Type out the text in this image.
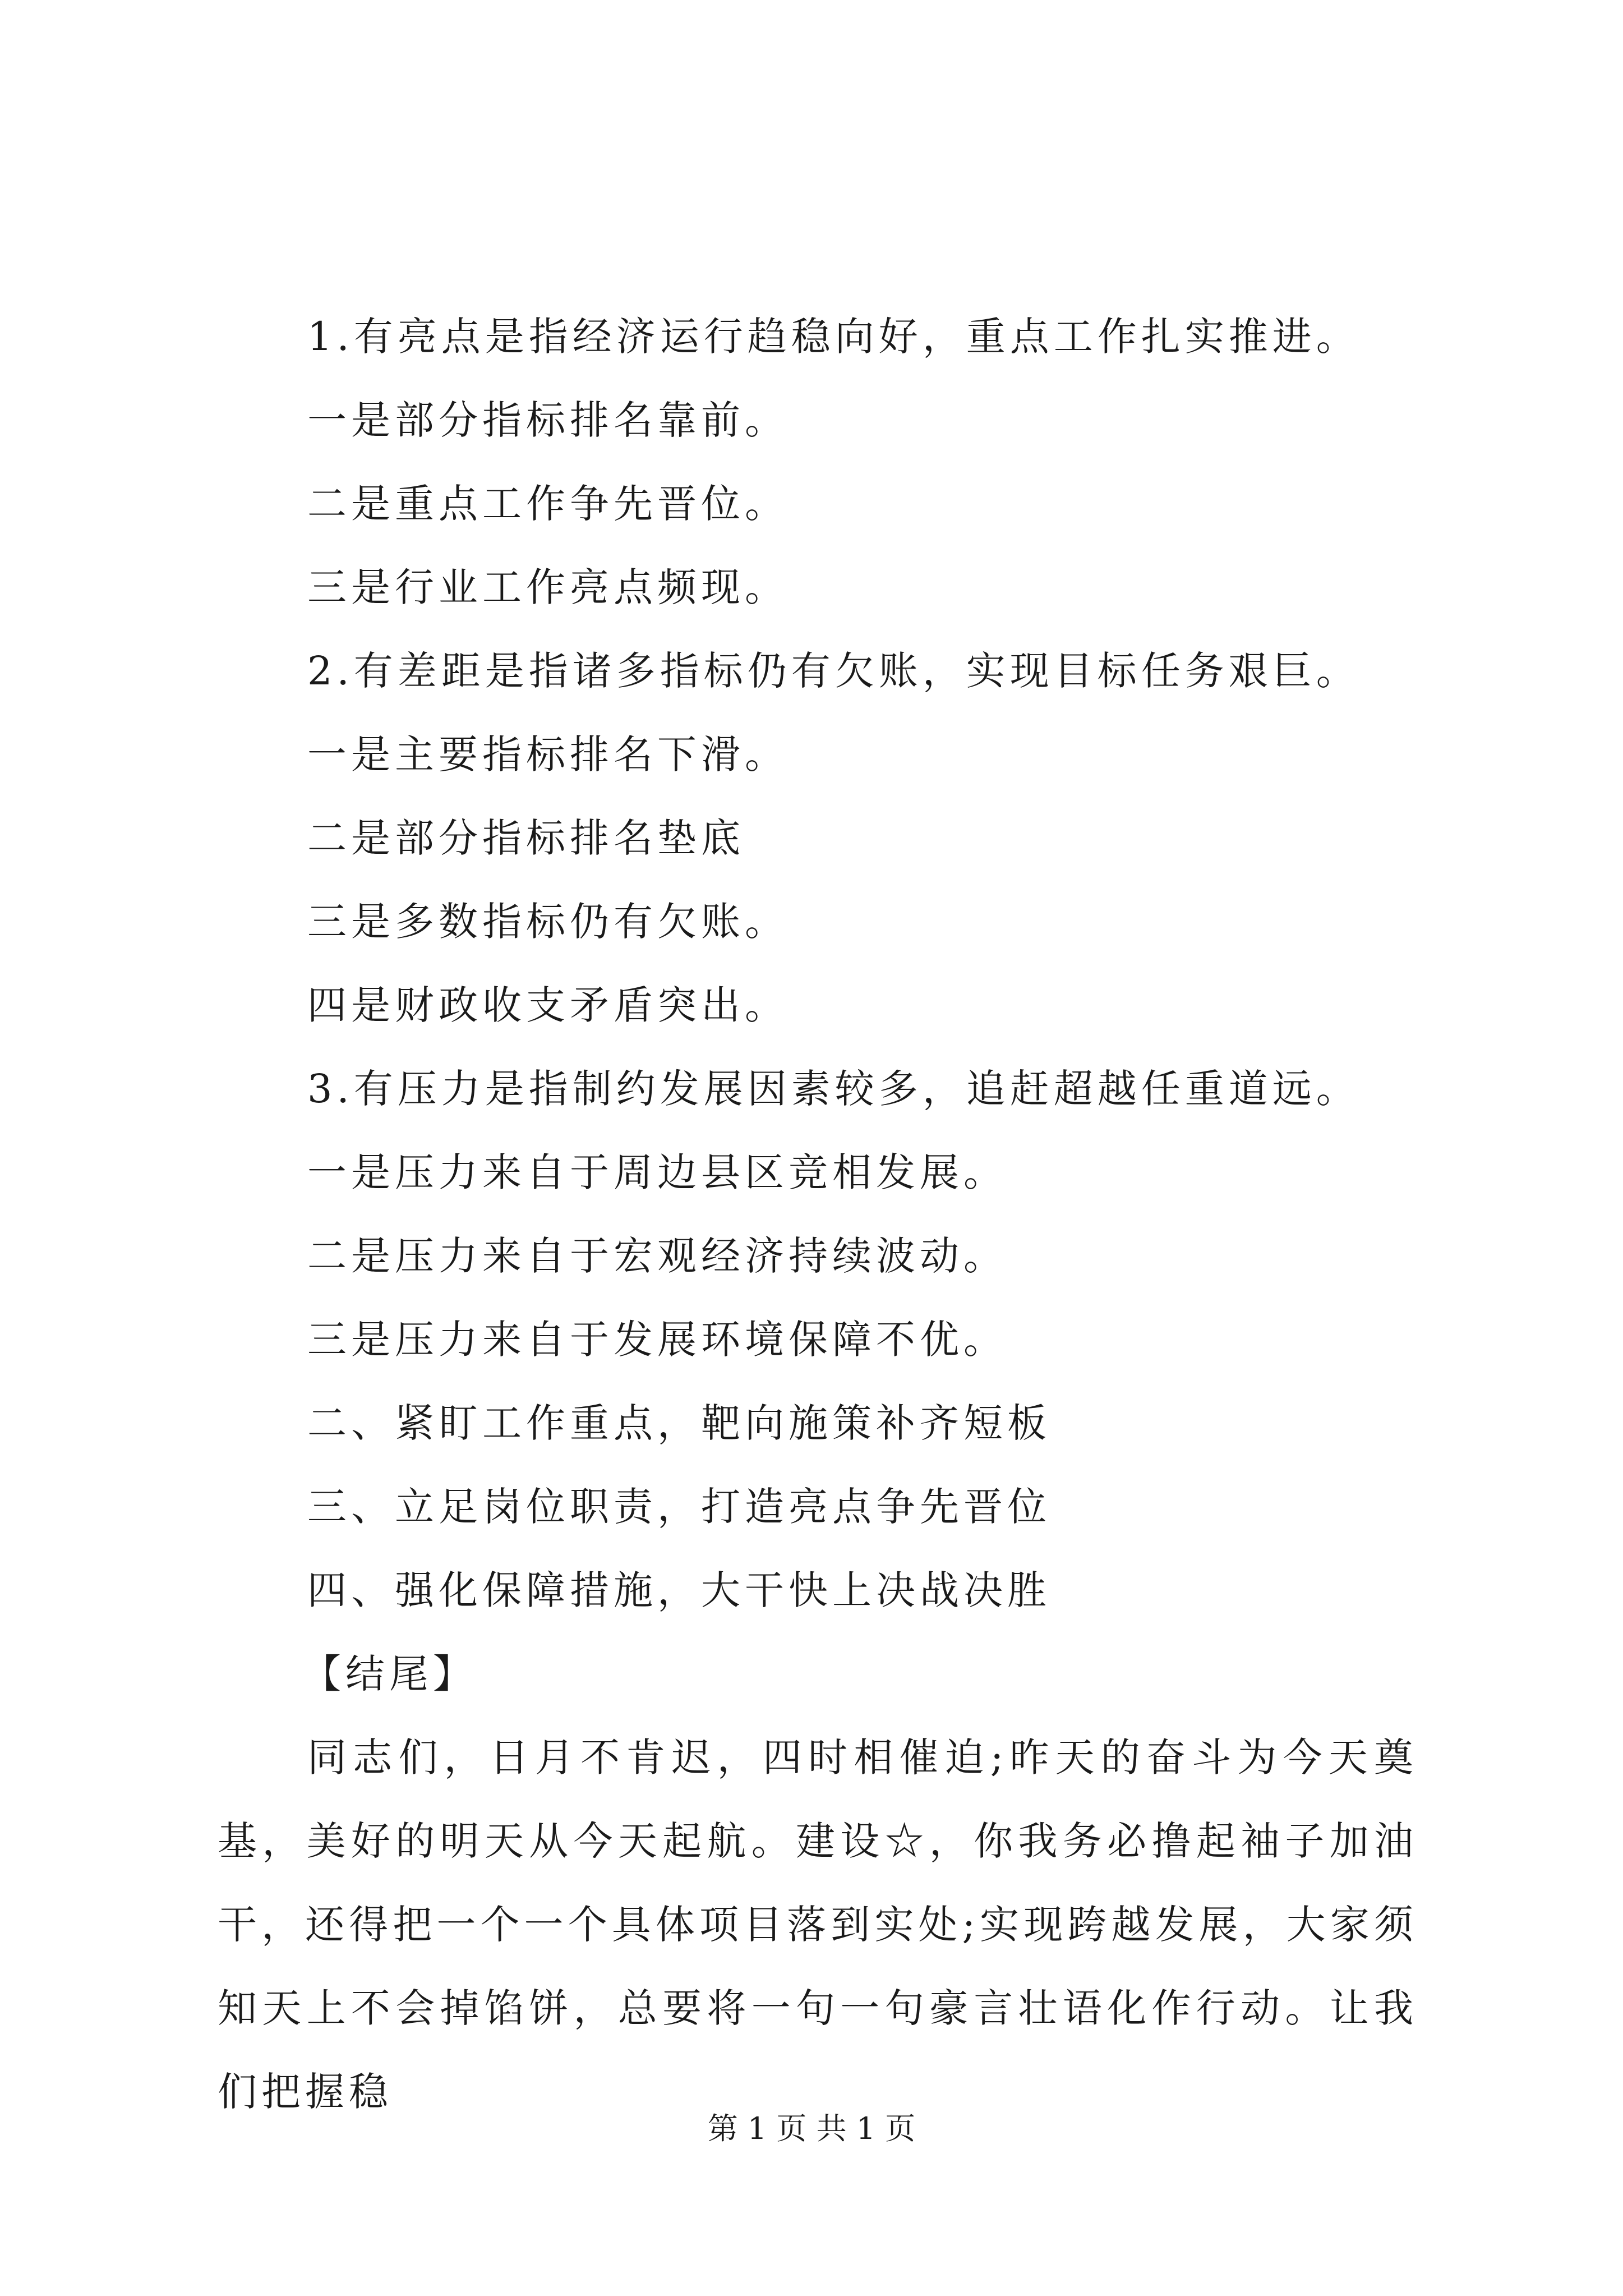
1.有亮点是指经济运行趋稳向好，重点工作扎实推进。
一是部分指标排名靠前。
二是重点工作争先晋位。
三是行业工作亮点频现。
2.有差距是指诸多指标仍有欠账，实现目标任务艰巨。
一是主要指标排名下滑。
二是部分指标排名垫底
三是多数指标仍有欠账。
四是财政收支矛盾突出。
3.有压力是指制约发展因素较多，追赶超越任重道远。
一是压力来自于周边县区竞相发展。
二是压力来自于宏观经济持续波动。
三是压力来自于发展环境保障不优。
二、紧盯工作重点，靶向施策补齐短板
三、立足岗位职责，打造亮点争先晋位
四、强化保障措施，大干快上决战决胜
【结尾】
同志们，日月不肯迟，四时相催迫;昨天的奋斗为今天奠基，美好的明天从今天起航。建设☆，你我务必撸起袖子加油干，还得把一个一个具体项目落到实处;实现跨越发展，大家须知天上不会掉馅饼，总要将一句一句豪言壮语化作行动。让我们把握稳
第 1 页 共 1 页
